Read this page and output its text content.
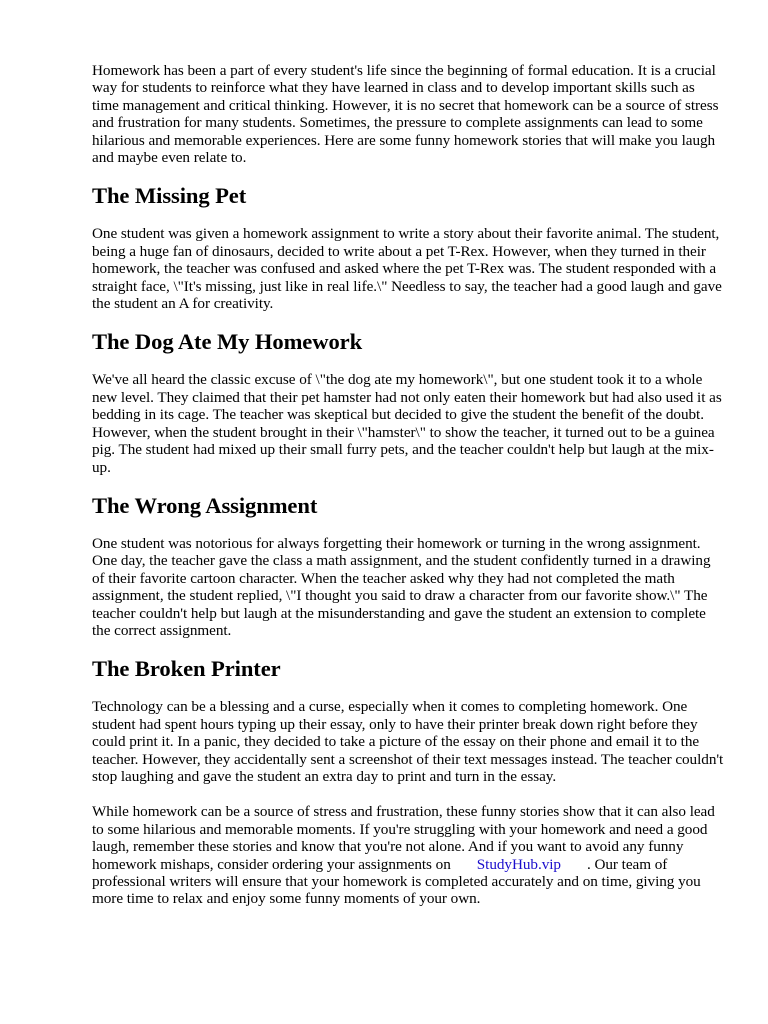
Homework has been a part of every student's life since the beginning of formal education. It is a crucial way for students to reinforce what they have learned in class and to develop important skills such as time management and critical thinking. However, it is no secret that homework can be a source of stress and frustration for many students. Sometimes, the pressure to complete assignments can lead to some hilarious and memorable experiences. Here are some funny homework stories that will make you laugh and maybe even relate to.

The Missing Pet

One student was given a homework assignment to write a story about their favorite animal. The student, being a huge fan of dinosaurs, decided to write about a pet T-Rex. However, when they turned in their homework, the teacher was confused and asked where the pet T-Rex was. The student responded with a straight face, \"It's missing, just like in real life.\" Needless to say, the teacher had a good laugh and gave the student an A for creativity.

The Dog Ate My Homework

We've all heard the classic excuse of \"the dog ate my homework\", but one student took it to a whole new level. They claimed that their pet hamster had not only eaten their homework but had also used it as bedding in its cage. The teacher was skeptical but decided to give the student the benefit of the doubt. However, when the student brought in their \"hamster\" to show the teacher, it turned out to be a guinea pig. The student had mixed up their small furry pets, and the teacher couldn't help but laugh at the mix-up.

The Wrong Assignment

One student was notorious for always forgetting their homework or turning in the wrong assignment. One day, the teacher gave the class a math assignment, and the student confidently turned in a drawing of their favorite cartoon character. When the teacher asked why they had not completed the math assignment, the student replied, \"I thought you said to draw a character from our favorite show.\" The teacher couldn't help but laugh at the misunderstanding and gave the student an extension to complete the correct assignment.

The Broken Printer

Technology can be a blessing and a curse, especially when it comes to completing homework. One student had spent hours typing up their essay, only to have their printer break down right before they could print it. In a panic, they decided to take a picture of the essay on their phone and email it to the teacher. However, they accidentally sent a screenshot of their text messages instead. The teacher couldn't stop laughing and gave the student an extra day to print and turn in the essay.

While homework can be a source of stress and frustration, these funny stories show that it can also lead to some hilarious and memorable moments. If you're struggling with your homework and need a good laugh, remember these stories and know that you're not alone. And if you want to avoid any funny homework mishaps, consider ordering your assignments on StudyHub.vip . Our team of professional writers will ensure that your homework is completed accurately and on time, giving you more time to relax and enjoy some funny moments of your own.
